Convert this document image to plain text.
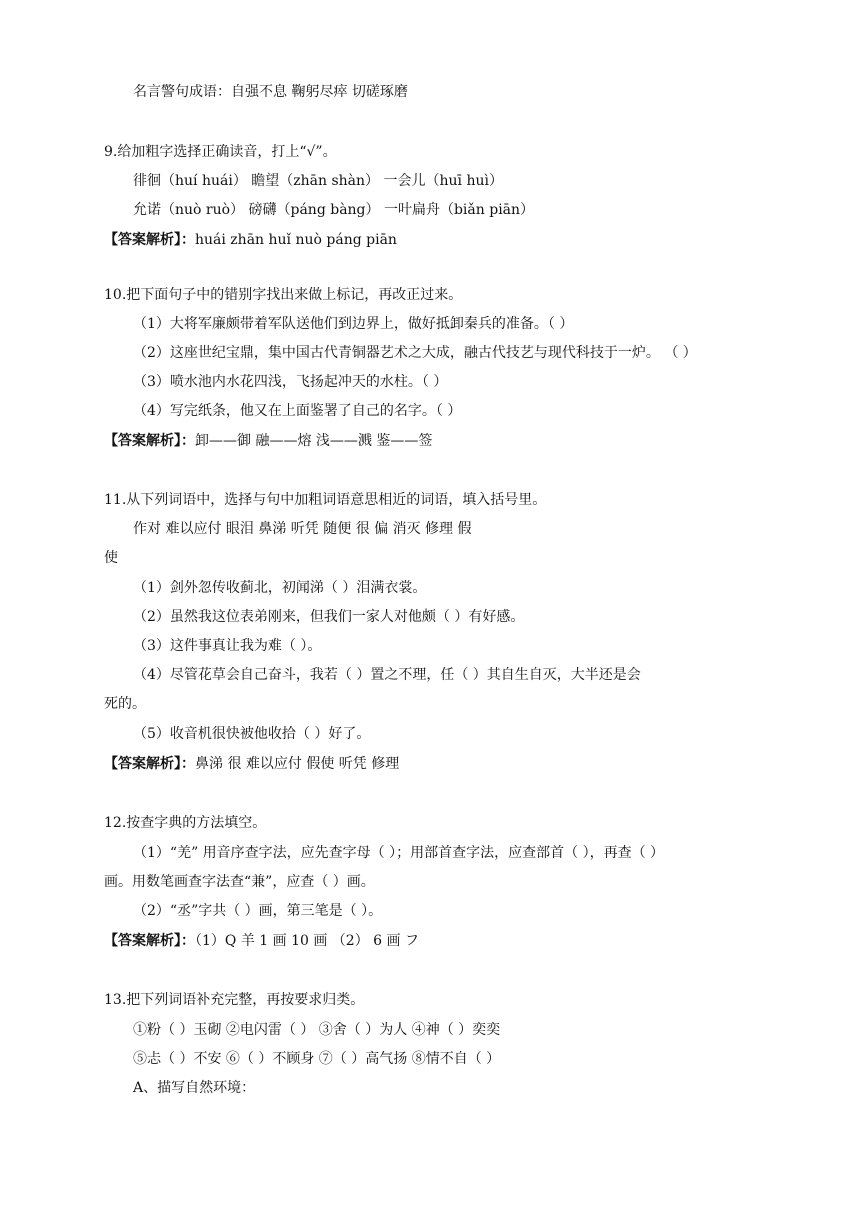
名言警句成语：自强不息 鞠躬尽瘁 切磋琢磨
9.给加粗字选择正确读音，打上“√”。
徘徊（huí huái） 瞻望（zhān shàn） 一会儿（huī huì）
允诺（nuò ruò） 磅礴（páng bàng） 一叶扁舟（biǎn piān）
【答案解析】：huái zhān huǐ nuò páng piān
10.把下面句子中的错别字找出来做上标记，再改正过来。
（1）大将军廉颇带着军队送他们到边界上，做好抵卸秦兵的准备。（ ）
（2）这座世纪宝鼎，集中国古代青铜器艺术之大成，融古代技艺与现代科技于一炉。 （ ）
（3）喷水池内水花四浅，飞扬起冲天的水柱。（ ）
（4）写完纸条，他又在上面鉴署了自己的名字。（ ）
【答案解析】：卸——御 融——熔 浅——溅 鉴——签
11.从下列词语中，选择与句中加粗词语意思相近的词语，填入括号里。
作对 难以应付 眼泪 鼻涕 听凭 随便 很 偏 消灭 修理 假
使
（1）剑外忽传收蓟北，初闻涕（ ）泪满衣裳。
（2）虽然我这位表弟刚来，但我们一家人对他颇（ ）有好感。
（3）这件事真让我为难（ ）。
（4）尽管花草会自己奋斗，我若（ ）置之不理，任（ ）其自生自灭，大半还是会
死的。
（5）收音机很快被他收拾（ ）好了。
【答案解析】：鼻涕 很 难以应付 假使 听凭 修理
12.按查字典的方法填空。
（1）“羌” 用音序查字法，应先查字母（ ）；用部首查字法，应查部首（ ），再查（ ）
画。用数笔画查字法查“兼”，应查（ ）画。
（2）“丞”字共（ ）画，第三笔是（ ）。
【答案解析】：（1）Q 羊 1 画 10 画 （2） 6 画 フ
13.把下列词语补充完整，再按要求归类。
①粉（ ）玉砌 ②电闪雷（ ） ③舍（ ）为人 ④神（ ）奕奕
⑤忐（ ）不安 ⑥（ ）不顾身 ⑦（ ）高气扬 ⑧情不自（ ）
A、描写自然环境：
